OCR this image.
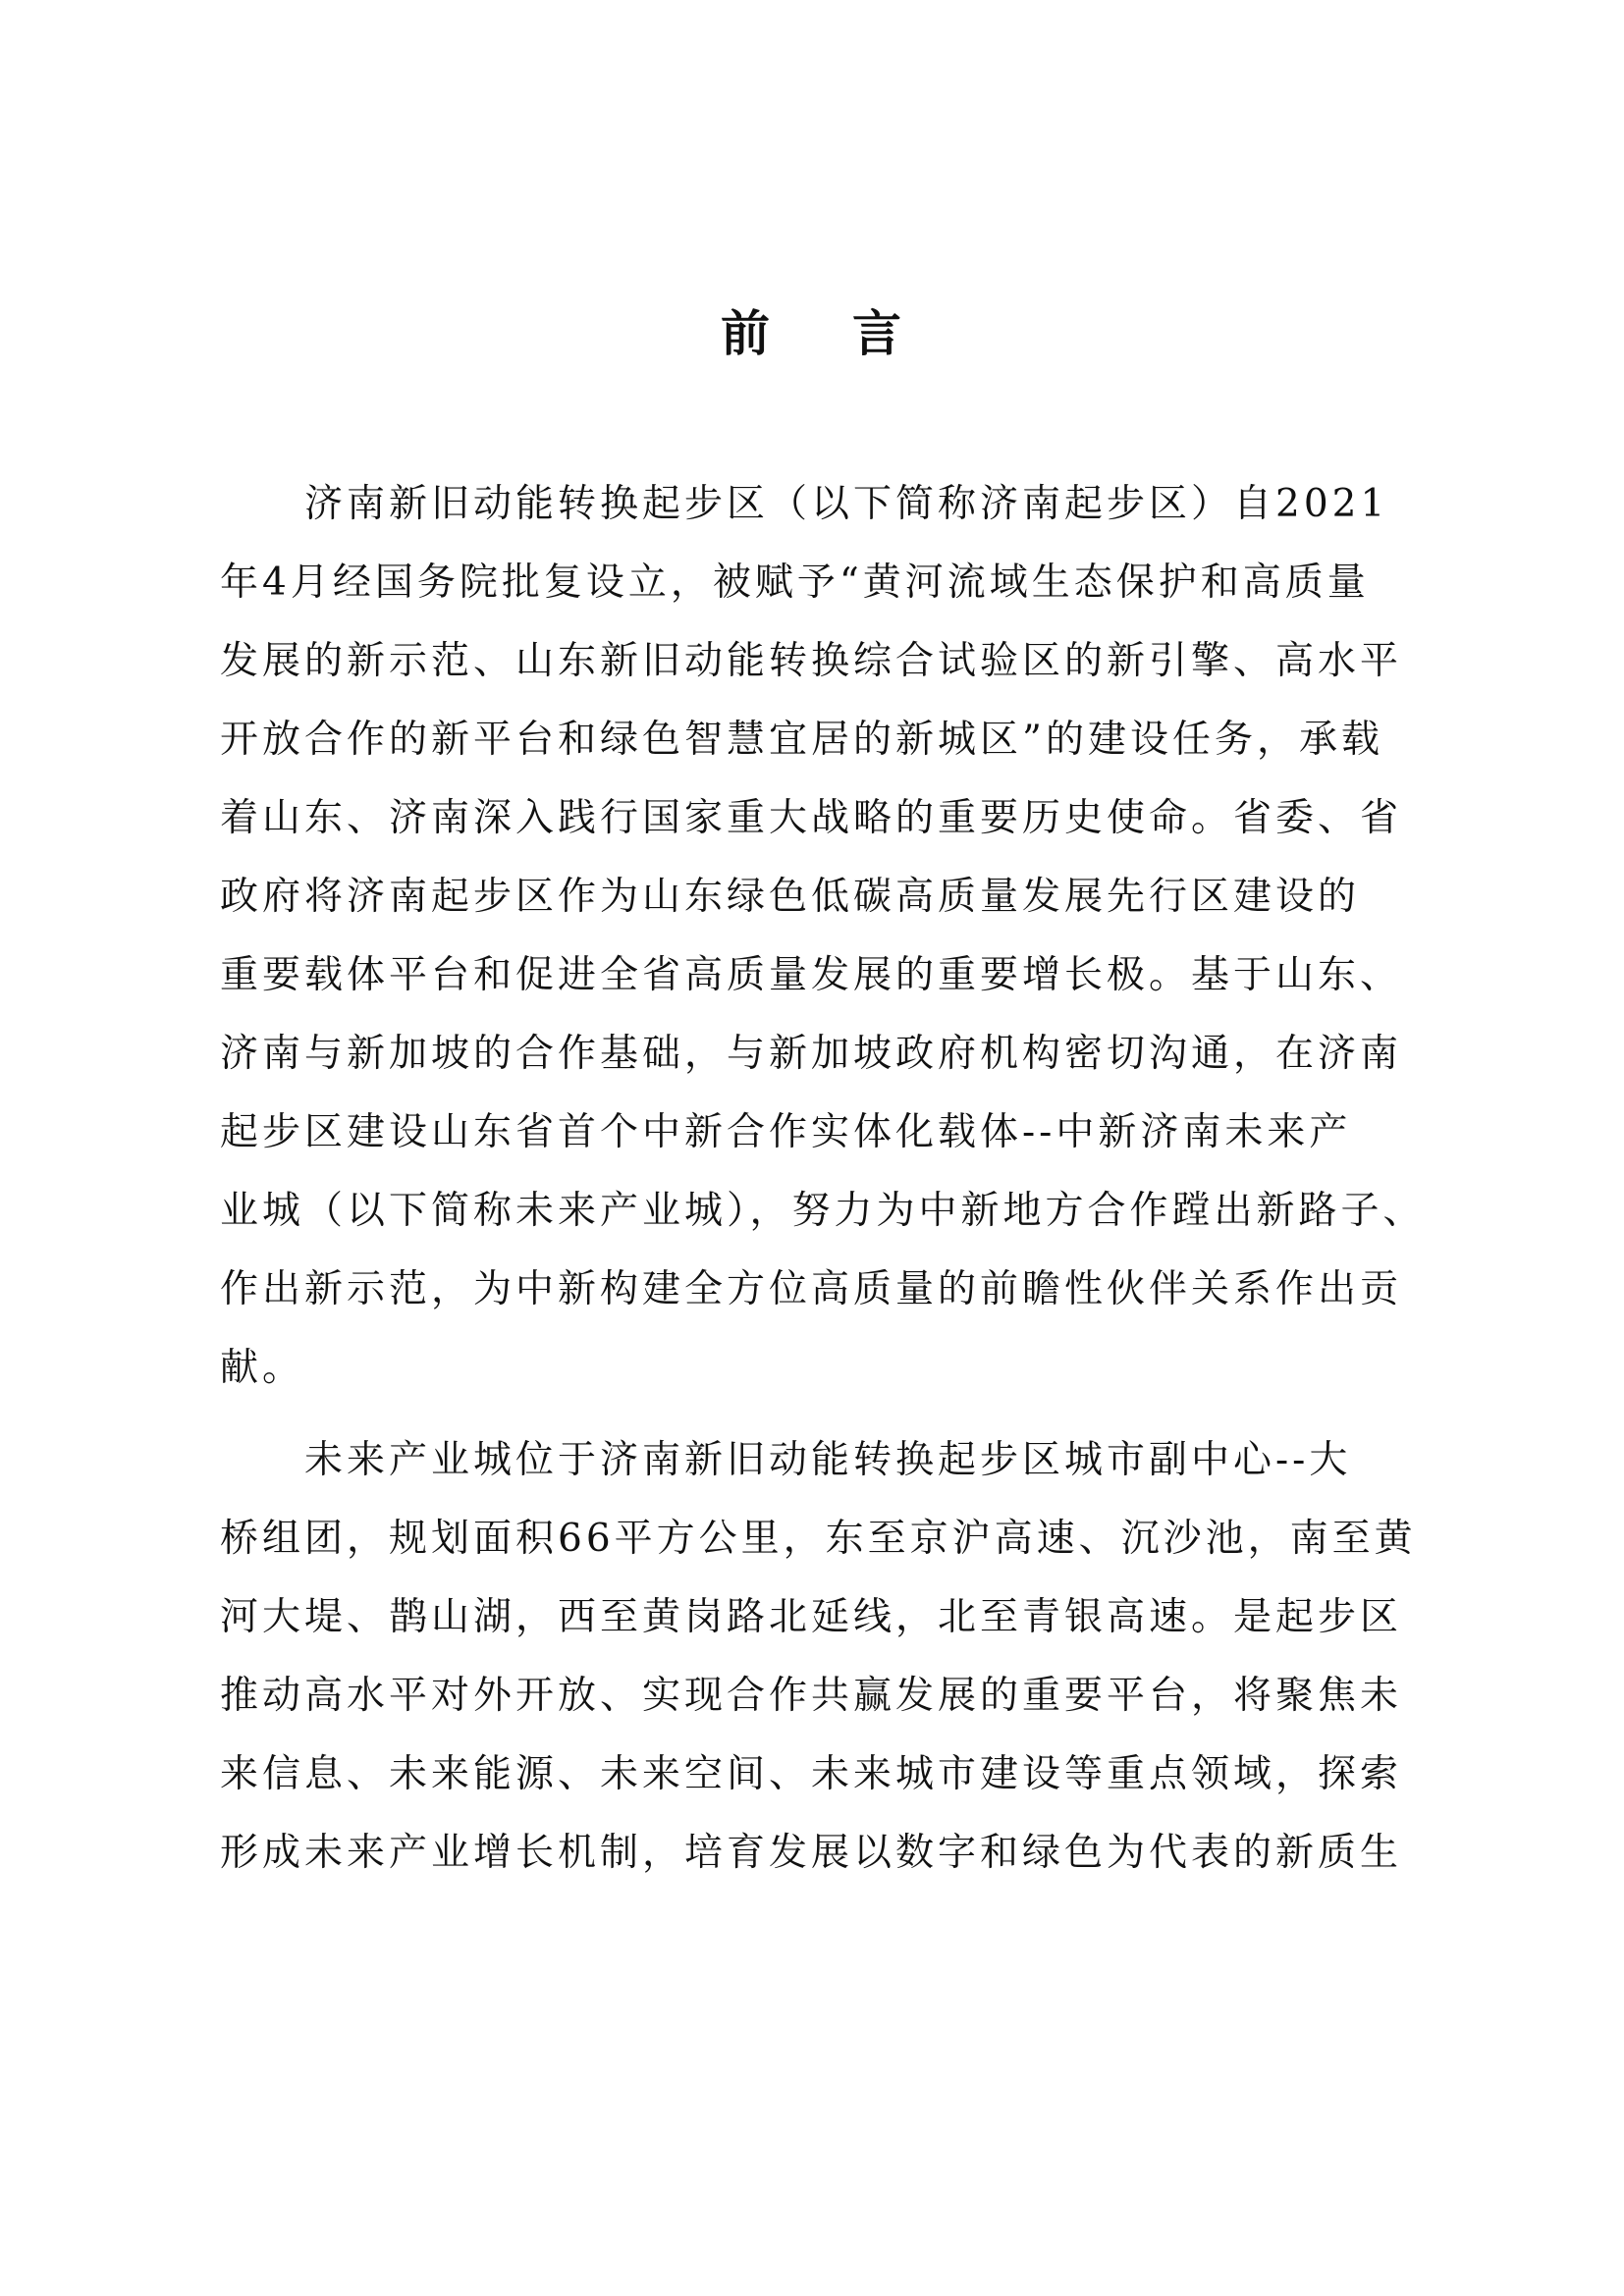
前 言
济南新旧动能转换起步区（以下简称济南起步区）自2021
年4月经国务院批复设立，被赋予“黄河流域生态保护和高质量
发展的新示范、山东新旧动能转换综合试验区的新引擎、高水平
开放合作的新平台和绿色智慧宜居的新城区”的建设任务，承载
着山东、济南深入践行国家重大战略的重要历史使命。省委、省
政府将济南起步区作为山东绿色低碳高质量发展先行区建设的
重要载体平台和促进全省高质量发展的重要增长极。基于山东、
济南与新加坡的合作基础，与新加坡政府机构密切沟通，在济南
起步区建设山东省首个中新合作实体化载体--中新济南未来产
业城（以下简称未来产业城），努力为中新地方合作蹚出新路子、
作出新示范，为中新构建全方位高质量的前瞻性伙伴关系作出贡
献。
未来产业城位于济南新旧动能转换起步区城市副中心--大
桥组团，规划面积66平方公里，东至京沪高速、沉沙池，南至黄
河大堤、鹊山湖，西至黄岗路北延线，北至青银高速。是起步区
推动高水平对外开放、实现合作共赢发展的重要平台，将聚焦未
来信息、未来能源、未来空间、未来城市建设等重点领域，探索
形成未来产业增长机制，培育发展以数字和绿色为代表的新质生
